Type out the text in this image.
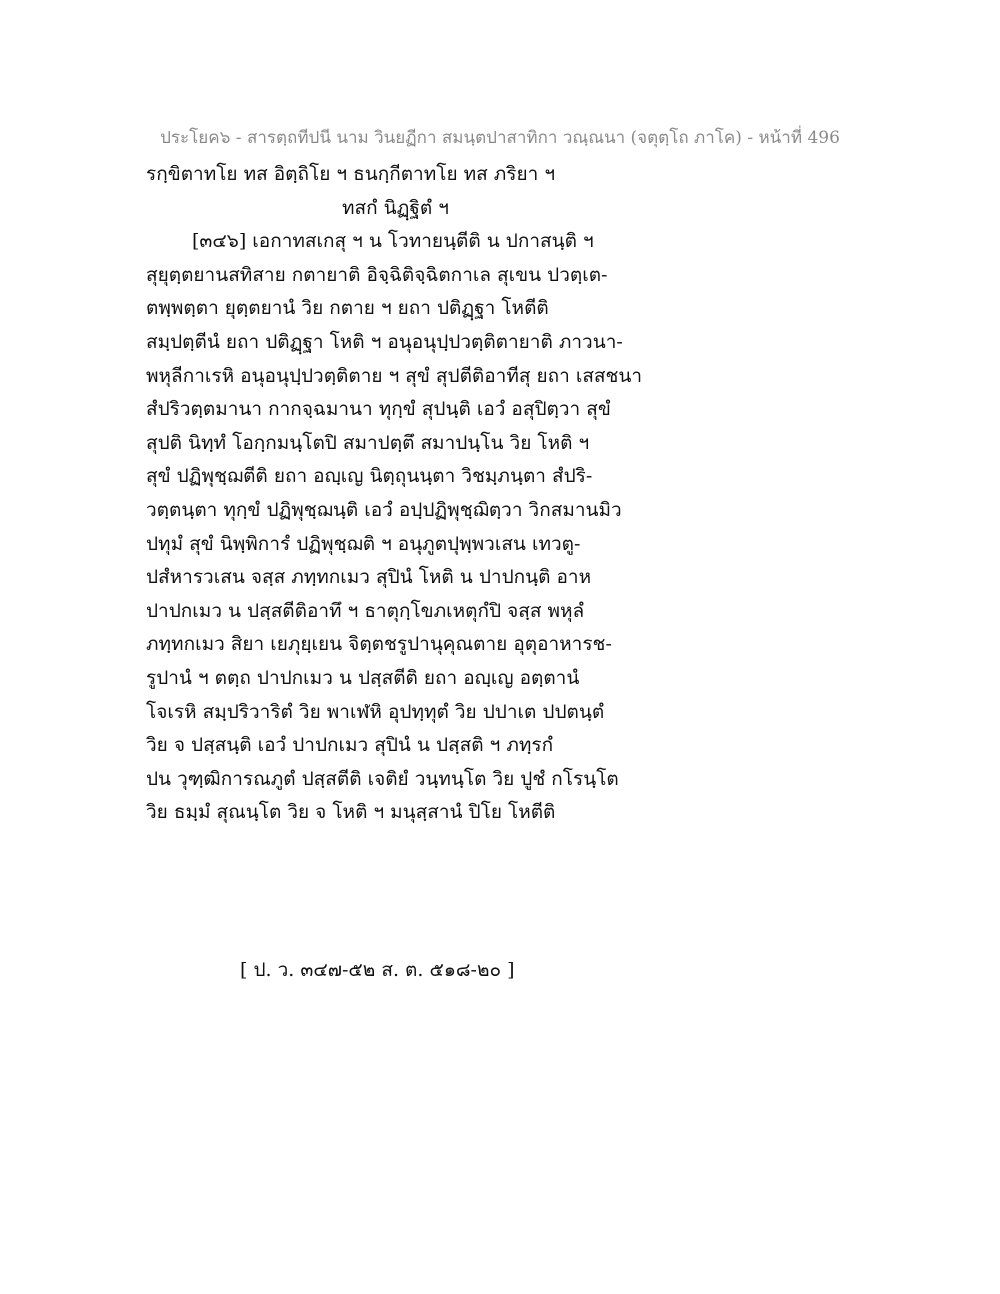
ประโยค๖ - สารตฺถทีปนี นาม วินยฏีกา สมนฺตปาสาทิกา วณฺณนา (จตุตฺโถ ภาโค) - หน้าที่ 496
รกฺขิตาทโย ทส อิตฺถิโย ฯ ธนกฺกีตาทโย ทส ภริยา ฯ
ทสกํ นิฏฺฐิตํ ฯ
[๓๔๖] เอกาทสเกสุ ฯ น โวทายนฺตีติ น ปกาสนฺติ ฯ
สุยุตฺตยานสทิสาย กตายาติ อิจฺฉิติจฺฉิตกาเล สุเขน ปวตฺเต-
ตพฺพตฺตา ยุตฺตยานํ วิย กตาย ฯ ยถา ปติฏฺฐา โหตีติ
สมฺปตฺตีนํ ยถา ปติฏฺฐา โหติ ฯ อนุอนุปฺปวตฺติตายาติ ภาวนา-
พหุลีกาเรหิ อนุอนุปฺปวตฺติตาย ฯ สุขํ สุปตีติอาทีสุ ยถา เสสชนา
สํปริวตฺตมานา กากจฺฉมานา ทุกฺขํ สุปนฺติ เอวํ อสุปิตฺวา สุขํ
สุปติ นิทฺทํ โอกฺกมนฺโตปิ สมาปตฺตึ สมาปนฺโน วิย โหติ ฯ
สุขํ ปฏิพุชฺฌตีติ ยถา อญฺเญ นิตฺถุนนฺตา วิชมฺภนฺตา สํปริ-
วตฺตนฺตา ทุกฺขํ ปฏิพุชฺฌนฺติ เอวํ อปฺปฏิพุชฺฌิตฺวา วิกสมานมิว
ปทุมํ สุขํ นิพฺพิการํ ปฏิพุชฺฌติ ฯ อนุภูตปุพฺพวเสน เทวตู-
ปสํหารวเสน จสฺส ภทฺทกเมว สุปินํ โหติ น ปาปกนฺติ อาห
ปาปกเมว น ปสฺสตีติอาทึ ฯ ธาตุกฺโขภเหตุกํปิ จสฺส พหุลํ
ภทฺทกเมว สิยา เยภุยฺเยน จิตฺตชรูปานุคุณตาย อุตุอาหารช-
รูปานํ ฯ ตตฺถ ปาปกเมว น ปสฺสตีติ ยถา อญฺเญ อตฺตานํ
โจเรหิ สมฺปริวาริตํ วิย พาเฬหิ อุปทฺทุตํ วิย ปปาเต ปปตนฺตํ
วิย จ ปสฺสนฺติ เอวํ ปาปกเมว สุปินํ น ปสฺสติ ฯ ภทฺรกํ
ปน วุฑฺฒิการณภูตํ ปสฺสตีติ เจติยํ วนฺทนฺโต วิย ปูชํ กโรนฺโต
วิย ธมฺมํ สุณนฺโต วิย จ โหติ ฯ มนุสฺสานํ ปิโย โหตีติ
[ ป. ว. ๓๔๗-๕๒ ส. ต. ๕๑๘-๒๐ ]
